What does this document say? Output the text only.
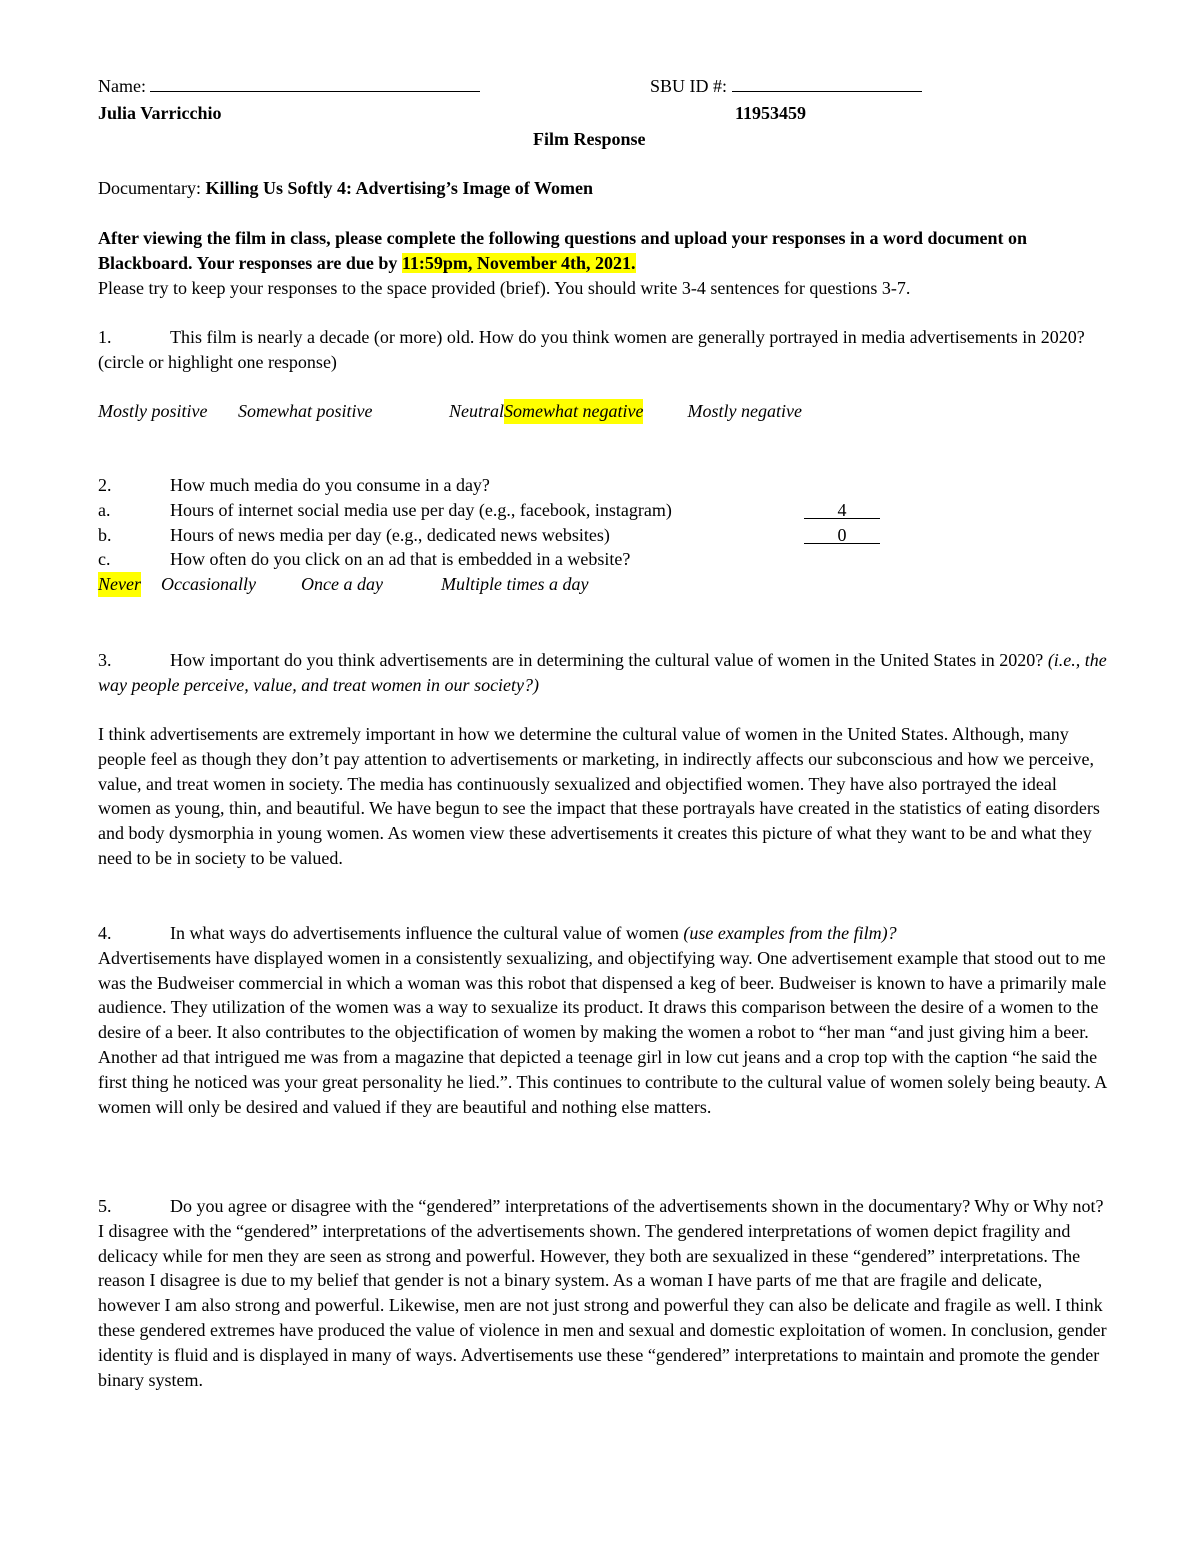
Name:
Julia Varricchio
SBU ID #:
11953459
Film Response
Documentary: Killing Us Softly 4: Advertising’s Image of Women

After viewing the film in class, please complete the following questions and upload your responses in a word document on Blackboard. Your responses are due by 11:59pm, November 4th, 2021.

Please try to keep your responses to the space provided (brief). You should write 3-4 sentences for questions 3-7.

1.	This film is nearly a decade (or more) old. How do you think women are generally portrayed in media advertisements in 2020? (circle or highlight one response)

Mostly positive Somewhat positive	NeutralSomewhat negative Mostly negative
2.	How much media do you consume in a day?
a.	Hours of internet social media use per day (e.g., facebook, instagram)	4
b.	Hours of news media per day (e.g., dedicated news websites)	0
c.	How often do you click on an ad that is embedded in a website?
Never Occasionally	Once a day	Multiple times a day

3.	How important do you think advertisements are in determining the cultural value of women in the United States in 2020? (i.e., the way people perceive, value, and treat women in our society?)

I think advertisements are extremely important in how we determine the cultural value of women in the United States. Although, many people feel as though they don’t pay attention to advertisements or marketing, in indirectly affects our subconscious and how we perceive, value, and treat women in society. The media has continuously sexualized and objectified women. They have also portrayed the ideal women as young, thin, and beautiful. We have begun to see the impact that these portrayals have created in the statistics of eating disorders and body dysmorphia in young women. As women view these advertisements it creates this picture of what they want to be and what they need to be in society to be valued.

4.	In what ways do advertisements influence the cultural value of women (use examples from the film)?

Advertisements have displayed women in a consistently sexualizing, and objectifying way. One advertisement example that stood out to me was the Budweiser commercial in which a woman was this robot that dispensed a keg of beer. Budweiser is known to have a primarily male audience. They utilization of the women was a way to sexualize its product. It draws this comparison between the desire of a women to the desire of a beer. It also contributes to the objectification of women by making the women a robot to “her man “and just giving him a beer. Another ad that intrigued me was from a magazine that depicted a teenage girl in low cut jeans and a crop top with the caption “he said the first thing he noticed was your great personality he lied.”. This continues to contribute to the cultural value of women solely being beauty. A women will only be desired and valued if they are beautiful and nothing else matters.

5.	Do you agree or disagree with the “gendered” interpretations of the advertisements shown in the documentary? Why or Why not?

I disagree with the “gendered” interpretations of the advertisements shown. The gendered interpretations of women depict fragility and delicacy while for men they are seen as strong and powerful. However, they both are sexualized in these “gendered” interpretations. The reason I disagree is due to my belief that gender is not a binary system. As a woman I have parts of me that are fragile and delicate, however I am also strong and powerful. Likewise, men are not just strong and powerful they can also be delicate and fragile as well. I think these gendered extremes have produced the value of violence in men and sexual and domestic exploitation of women. In conclusion, gender identity is fluid and is displayed in many of ways. Advertisements use these “gendered” interpretations to maintain and promote the gender binary system.
